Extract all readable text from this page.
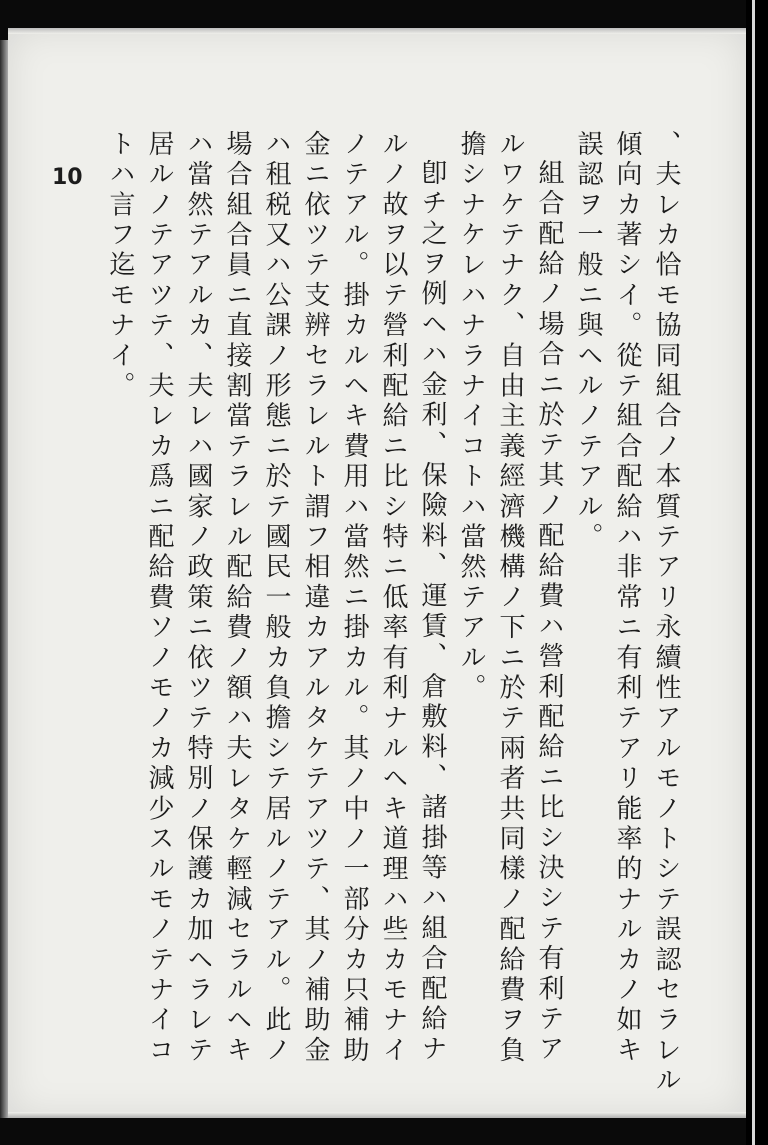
10	、夫レカ恰モ協同組合ノ本質テアリ永續性アルモノトシテ誤認セラレル
傾向カ著シイ。從テ組合配給ハ非常ニ有利テアリ能率的ナルカノ如キ
誤認ヲ一般ニ與ヘルノテアル。
組合配給ノ場合ニ於テ其ノ配給費ハ營利配給ニ比シ決シテ有利テア
ルワケテナク、自由主義經濟機構ノ下ニ於テ兩者共同樣ノ配給費ヲ負
擔シナケレハナラナイコトハ當然テアル。
卽チ之ヲ例ヘハ金利、保險料、運賃、倉敷料、諸掛等ハ組合配給ナ
ルノ故ヲ以テ營利配給ニ比シ特ニ低率有利ナルヘキ道理ハ些カモナイ
ノテアル。掛カルヘキ費用ハ當然ニ掛カル。其ノ中ノ一部分カ只補助
金ニ依ツテ支辨セラレルト謂フ相違カアルタケテアツテ、其ノ補助金
ハ租税又ハ公課ノ形態ニ於テ國民一般カ負擔シテ居ルノテアル。此ノ
場合組合員ニ直接割當テラレル配給費ノ額ハ夫レタケ輕減セラルヘキ
ハ當然テアルカ、夫レハ國家ノ政策ニ依ツテ特別ノ保護カ加ヘラレテ
居ルノテアツテ、夫レカ爲ニ配給費ソノモノカ減少スルモノテナイコ
トハ言フ迄モナイ。
